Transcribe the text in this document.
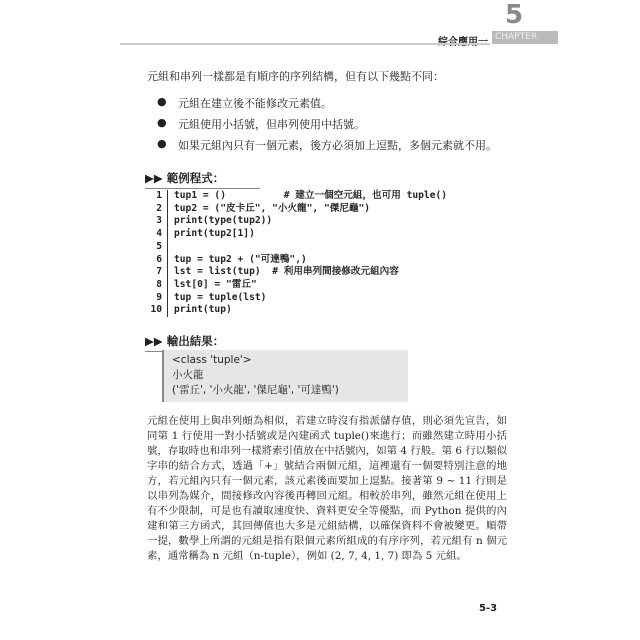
5
CHAPTER
元組和串列一樣都是有順序的序列結構，但有以下幾點不同：
● 元組在建立後不能修改元素值。
● 元組使用小括號，但串列使用中括號。
● 如果元組內只有一個元素，後方必須加上逗點，多個元素就不用。
▶▶ 範例程式：
1 tup1 = ()          # 建立一個空元組，也可用 tuple()
2 tup2 = ("皮卡丘", "小火龍", "傑尼龜")
3 print(type(tup2))
4 print(tup2[1])
5
6 tup = tup2 + ("可達鴨",)
7 lst = list(tup)  # 利用串列間接修改元組內容
8 lst[0] = "雷丘"
9 tup = tuple(lst)
10 print(tup)
▶▶ 輸出結果：
<class 'tuple'>
小火龍
('雷丘', '小火龍', '傑尼龜', '可達鴨')
元組在使用上與串列頗為相似，若建立時沒有指派儲存值，則必須先宣告，如同第 1 行使用一對小括號或是內建函式 tuple()來進行；而雖然建立時用小括號，存取時也和串列一樣將索引值放在中括號內，如第 4 行般。第 6 行以類似字串的結合方式，透過「+」號結合兩個元組，這裡還有一個要特別注意的地方，若元組內只有一個元素，該元素後面要加上逗點。接著第 9 ~ 11 行則是以串列為媒介，間接修改內容後再轉回元組。相較於串列，雖然元組在使用上有不少限制，可是也有讀取速度快、資料更安全等優點，而 Python 提供的內建和第三方函式，其回傳值也大多是元組結構，以確保資料不會被變更。順帶一提，數學上所謂的元組是指有限個元素所組成的有序序列，若元組有 n 個元素，通常稱為 n 元組（n-tuple），例如 (2, 7, 4, 1, 7) 即為 5 元組。
5-3
